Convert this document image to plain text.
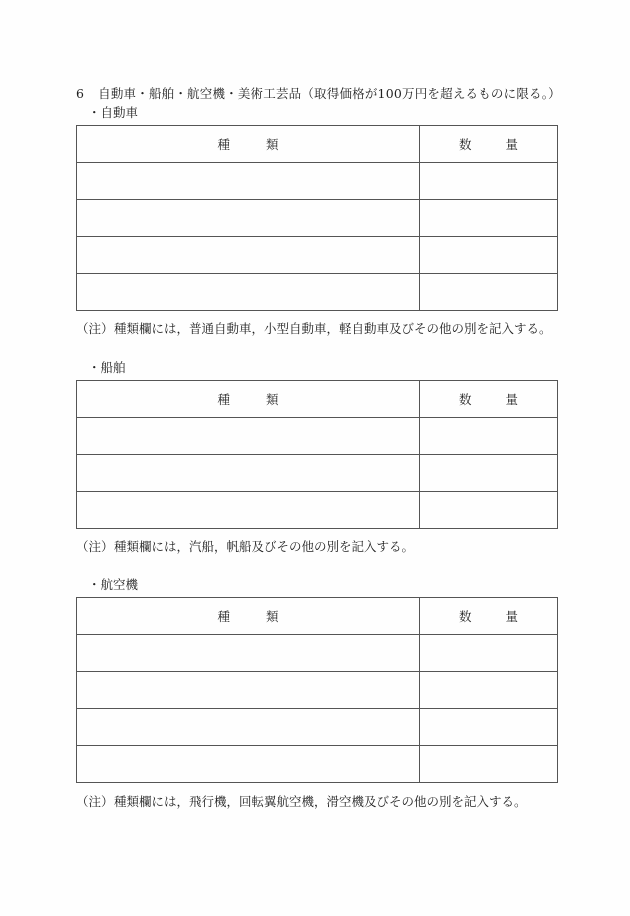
6 自動車・船舶・航空機・美術工芸品（取得価格が100万円を超えるものに限る。）
・自動車
種 類	数 量

（注）種類欄には，普通自動車，小型自動車，軽自動車及びその他の別を記入する。
・船舶
種 類	数 量

（注）種類欄には，汽船，帆船及びその他の別を記入する。
・航空機
種 類	数 量

（注）種類欄には，飛行機，回転翼航空機，滑空機及びその他の別を記入する。
